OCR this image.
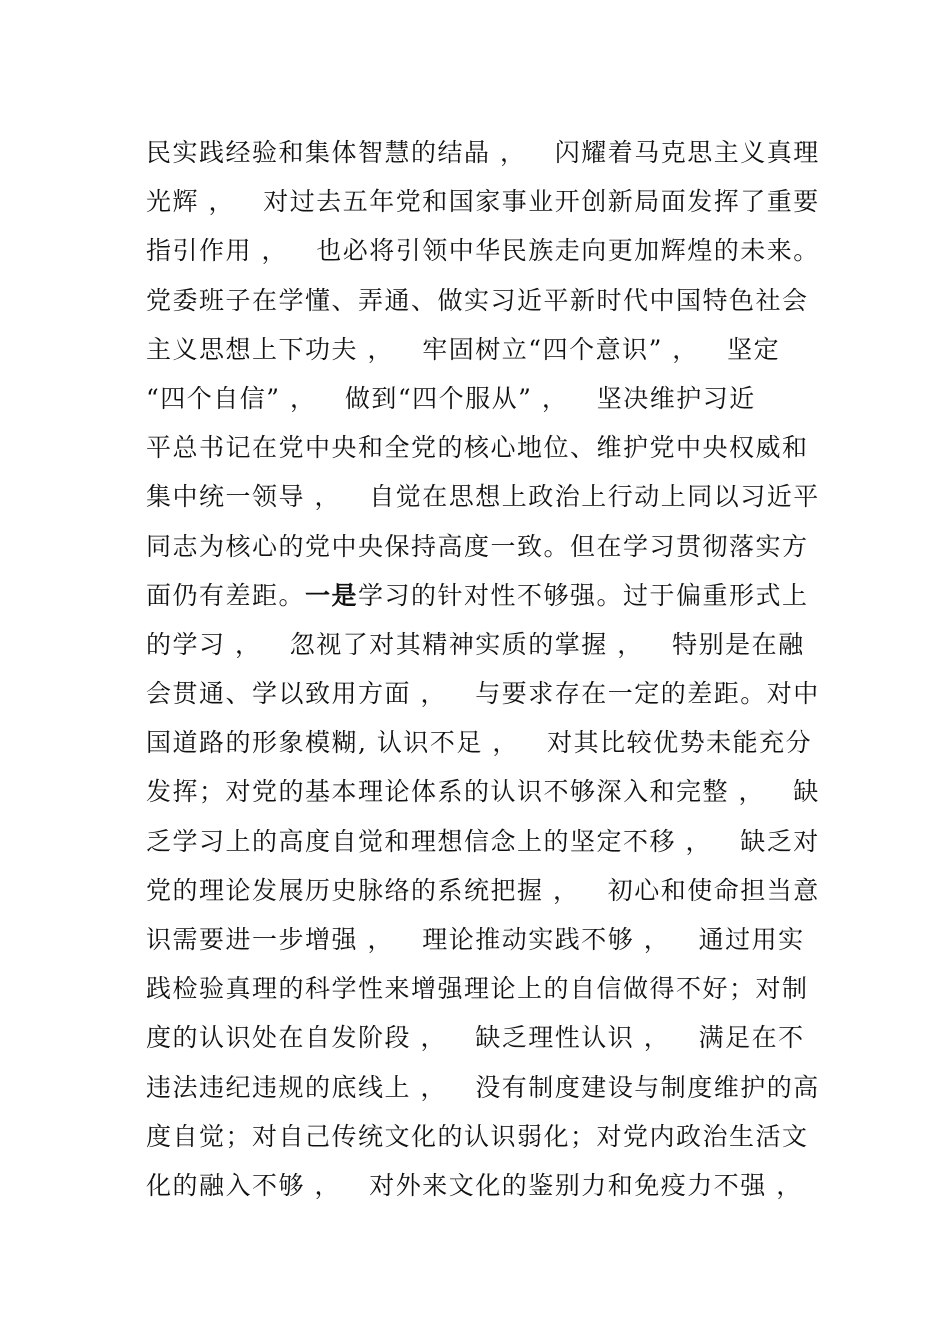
民实践经验和集体智慧的结晶 ，   闪耀着马克思主义真理
光辉 ，   对过去五年党和国家事业开创新局面发挥了重要
指引作用 ，   也必将引领中华民族走向更加辉煌的未来。
党委班子在学懂、弄通、做实习近平新时代中国特色社会
主义思想上下功夫 ，   牢固树立“四个意识” ，   坚定
“四个自信” ，   做到“四个服从” ，   坚决维护习近
平总书记在党中央和全党的核心地位、维护党中央权威和
集中统一领导 ，   自觉在思想上政治上行动上同以习近平
同志为核心的党中央保持高度一致。但在学习贯彻落实方
面仍有差距。一是学习的针对性不够强。过于偏重形式上
的学习 ，   忽视了对其精神实质的掌握 ，   特别是在融
会贯通、学以致用方面 ，   与要求存在一定的差距。对中
国道路的形象模糊, 认识不足 ，   对其比较优势未能充分
发挥；对党的基本理论体系的认识不够深入和完整 ，   缺
乏学习上的高度自觉和理想信念上的坚定不移 ，   缺乏对
党的理论发展历史脉络的系统把握 ，   初心和使命担当意
识需要进一步增强 ，   理论推动实践不够 ，   通过用实
践检验真理的科学性来增强理论上的自信做得不好；对制
度的认识处在自发阶段 ，   缺乏理性认识 ，   满足在不
违法违纪违规的底线上 ，   没有制度建设与制度维护的高
度自觉；对自己传统文化的认识弱化；对党内政治生活文
化的融入不够 ，   对外来文化的鉴别力和免疫力不强 ，
